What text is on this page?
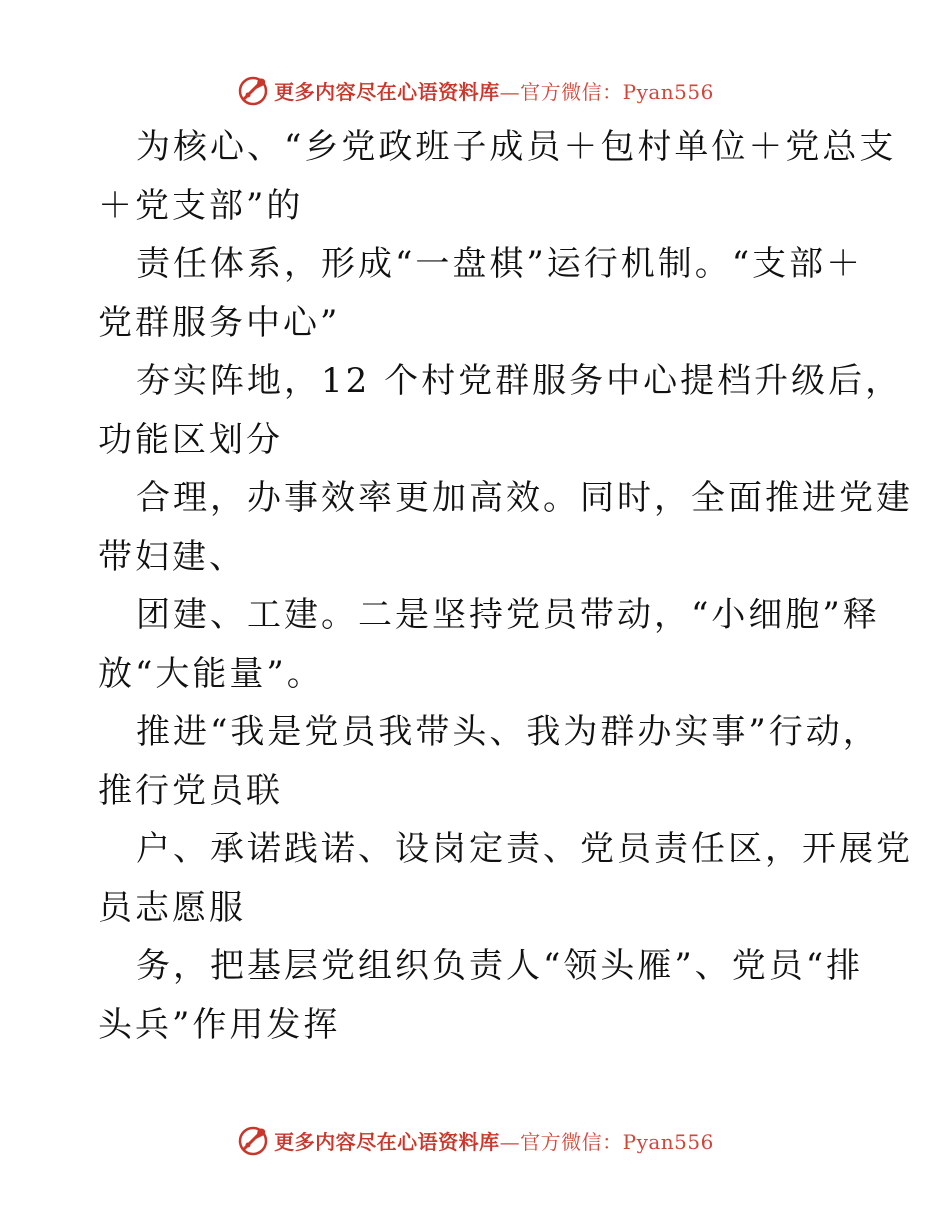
更多内容尽在心语资料库—官方微信：Pyan556
为核心、“乡党政班子成员＋包村单位＋党总支
＋党支部”的
责任体系，形成“一盘棋”运行机制。“支部＋
党群服务中心”
夯实阵地，12 个村党群服务中心提档升级后，
功能区划分
合理，办事效率更加高效。同时，全面推进党建
带妇建、
团建、工建。二是坚持党员带动，“小细胞”释
放“大能量”。
推进“我是党员我带头、我为群办实事”行动，
推行党员联
户、承诺践诺、设岗定责、党员责任区，开展党
员志愿服
务，把基层党组织负责人“领头雁”、党员“排
头兵”作用发挥
更多内容尽在心语资料库—官方微信：Pyan556
